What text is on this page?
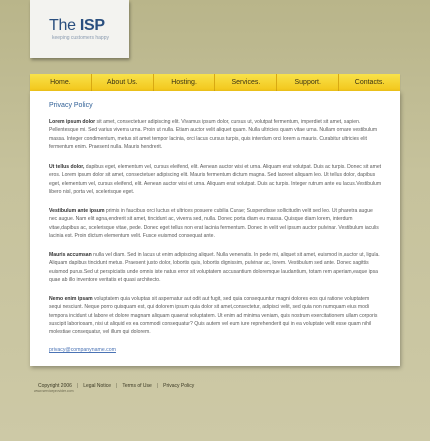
The ISP
keeping customers happy
Home.	About Us.	Hosting.	Services.	Support.	Contacts.
Privacy Policy

Lorem ipsum dolor sit amet, consectetuer adipiscing elit. Vivamus ipsum dolor, cursus ut, volutpat fermentum, imperdiet sit amet, sapien. Pellentesque mi. Sed varius viverra urna. Proin ut nulla. Etiam auctor velit aliquet quam. Nulla ultricies quam vitae urna. Nullam ornare vestibulum massa. Integer condimentum, metus sit amet tempor lacinia, orci lacus cursus turpis, quis interdum orci lorem a mauris. Curabitur ultricies elit fermentum enim. Praesent nulla. Mauris hendrerit.

Ut tellus dolor, dapibus eget, elementum vel, cursus eleifend, elit. Aenean auctor wisi et urna. Aliquam erat volutpat. Duis ac turpis. Donec sit amet eros. Lorem ipsum dolor sit amet, consectetuer adipiscing elit. Mauris fermentum dictum magna. Sed laoreet aliquam leo. Ut tellus dolor, dapibus eget, elementum vel, cursus eleifend, elit. Aenean auctor wisi et urna. Aliquam erat volutpat. Duis ac turpis. Integer rutrum ante eu lacus.Vestibulum libero nisl, porta vel, scelerisque eget.

Vestibulum ante ipsum primis in faucibus orci luctus et ultrices posuere cubilia Curae; Suspendisse sollicitudin velit sed leo. Ut pharetra augue nec augue. Nam elit agna,endrerit sit amet, tincidunt ac, viverra sed, nulla. Donec porta diam eu massa. Quisque diam lorem, interdum vitae,dapibus ac, scelerisque vitae, pede. Donec eget tellus non erat lacinia fermentum. Donec in velit vel ipsum auctor pulvinar. Vestibulum iaculis lacinia est. Proin dictum elementum velit. Fusce euismod consequat ante.

Mauris accumsan nulla vel diam. Sed in lacus ut enim adipiscing aliquet. Nulla venenatis. In pede mi, aliquet sit amet, euismod in,auctor ut, ligula. Aliquam dapibus tincidunt metus. Praesent justo dolor, lobortis quis, lobortis dignissim, pulvinar ac, lorem. Vestibulum sed ante. Donec sagittis euismod purus.Sed ut perspiciatis unde omnis iste natus error sit voluptatem accusantium doloremque laudantium, totam rem aperiam,eaque ipsa quae ab illo inventore veritatis et quasi architecto.

Nemo enim ipsam voluptatem quia voluptas sit aspernatur aut odit aut fugit, sed quia consequuntur magni dolores eos qui ratione voluptatem sequi nesciunt. Neque porro quisquam est, qui dolorem ipsum quia dolor sit amet,consectetur, adipisci velit, sed quia non numquam eius modi tempora incidunt ut labore et dolore magnam aliquam quaerat voluptatem. Ut enim ad minima veniam, quis nostrum exercitationem ullam corporis suscipit laboriosam, nisi ut aliquid ex ea commodi consequatur? Quis autem vel eum iure reprehenderit qui in ea voluptate velit esse quam nihil molestiae consequatur, vel illum qui dolorem.

privacy@companyname.com
Copyright 2006	|	Legal Notice	|	Terms of Use	|	Privacy Policy
www.serviceprovider.com
